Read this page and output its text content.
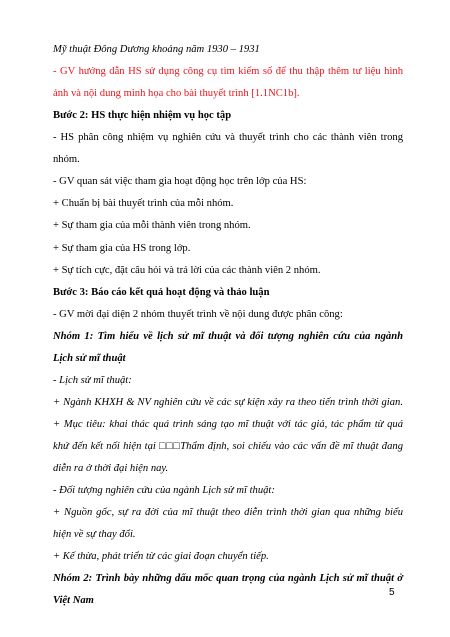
Mỹ thuật Đông Dương khoảng năm 1930 – 1931
- GV hướng dẫn HS sử dụng công cụ tìm kiếm số để thu thập thêm tư liệu hình
ảnh và nội dung minh họa cho bài thuyết trình [1.1NC1b].
Bước 2: HS thực hiện nhiệm vụ học tập
- HS phân công nhiệm vụ nghiên cứu và thuyết trình cho các thành viên trong
nhóm.
- GV quan sát việc tham gia hoạt động học trên lớp của HS:
+ Chuẩn bị bài thuyết trình của mỗi nhóm.
+ Sự tham gia của mỗi thành viên trong nhóm.
+ Sự tham gia của HS trong lớp.
+ Sự tích cực, đặt câu hỏi và trả lời của các thành viên 2 nhóm.
Bước 3: Báo cáo kết quả hoạt động và thảo luận
- GV mời đại diện 2 nhóm thuyết trình về nội dung được phân công:
Nhóm 1: Tìm hiểu về lịch sử mĩ thuật và đối tượng nghiên cứu của ngành
Lịch sử mĩ thuật
- Lịch sử mĩ thuật:
+ Ngành KHXH & NV nghiên cứu về các sự kiện xảy ra theo tiến trình thời gian.
+ Mục tiêu: khai thác quá trình sáng tạo mĩ thuật với tác giả, tác phẩm từ quá
khứ đến kết nối hiện tại □□□Thẩm định, soi chiếu vào các vấn đề mĩ thuật đang
diễn ra ở thời đại hiện nay.
- Đối tượng nghiên cứu của ngành Lịch sử mĩ thuật:
+ Nguồn gốc, sự ra đời của mĩ thuật theo diễn trình thời gian qua những biểu
hiện về sự thay đổi.
+ Kế thừa, phát triển từ các giai đoạn chuyển tiếp.
Nhóm 2: Trình bày những dấu mốc quan trọng của ngành Lịch sử mĩ thuật ở
Việt Nam
5
